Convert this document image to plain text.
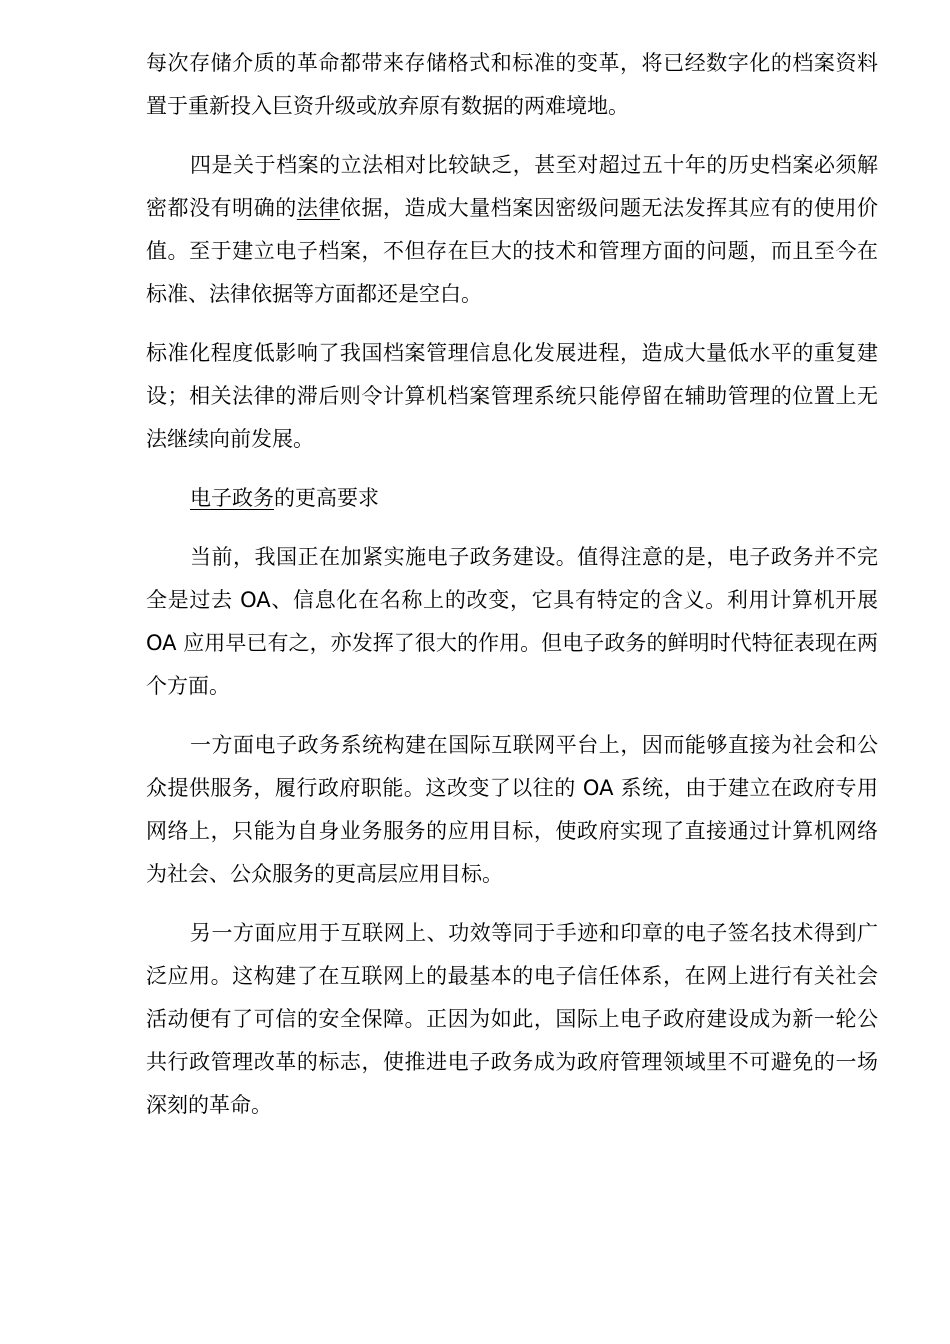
每次存储介质的革命都带来存储格式和标准的变革，将已经数字化的档案资料置于重新投入巨资升级或放弃原有数据的两难境地。

四是关于档案的立法相对比较缺乏，甚至对超过五十年的历史档案必须解密都没有明确的法律依据，造成大量档案因密级问题无法发挥其应有的使用价值。至于建立电子档案，不但存在巨大的技术和管理方面的问题，而且至今在标准、法律依据等方面都还是空白。

标准化程度低影响了我国档案管理信息化发展进程，造成大量低水平的重复建设；相关法律的滞后则令计算机档案管理系统只能停留在辅助管理的位置上无法继续向前发展。

电子政务的更高要求

当前，我国正在加紧实施电子政务建设。值得注意的是，电子政务并不完全是过去 OA、信息化在名称上的改变，它具有特定的含义。利用计算机开展 OA 应用早已有之，亦发挥了很大的作用。但电子政务的鲜明时代特征表现在两个方面。

一方面电子政务系统构建在国际互联网平台上，因而能够直接为社会和公众提供服务，履行政府职能。这改变了以往的 OA 系统，由于建立在政府专用网络上，只能为自身业务服务的应用目标，使政府实现了直接通过计算机网络为社会、公众服务的更高层应用目标。

另一方面应用于互联网上、功效等同于手迹和印章的电子签名技术得到广泛应用。这构建了在互联网上的最基本的电子信任体系，在网上进行有关社会活动便有了可信的安全保障。正因为如此，国际上电子政府建设成为新一轮公共行政管理改革的标志，使推进电子政务成为政府管理领域里不可避免的一场深刻的革命。
